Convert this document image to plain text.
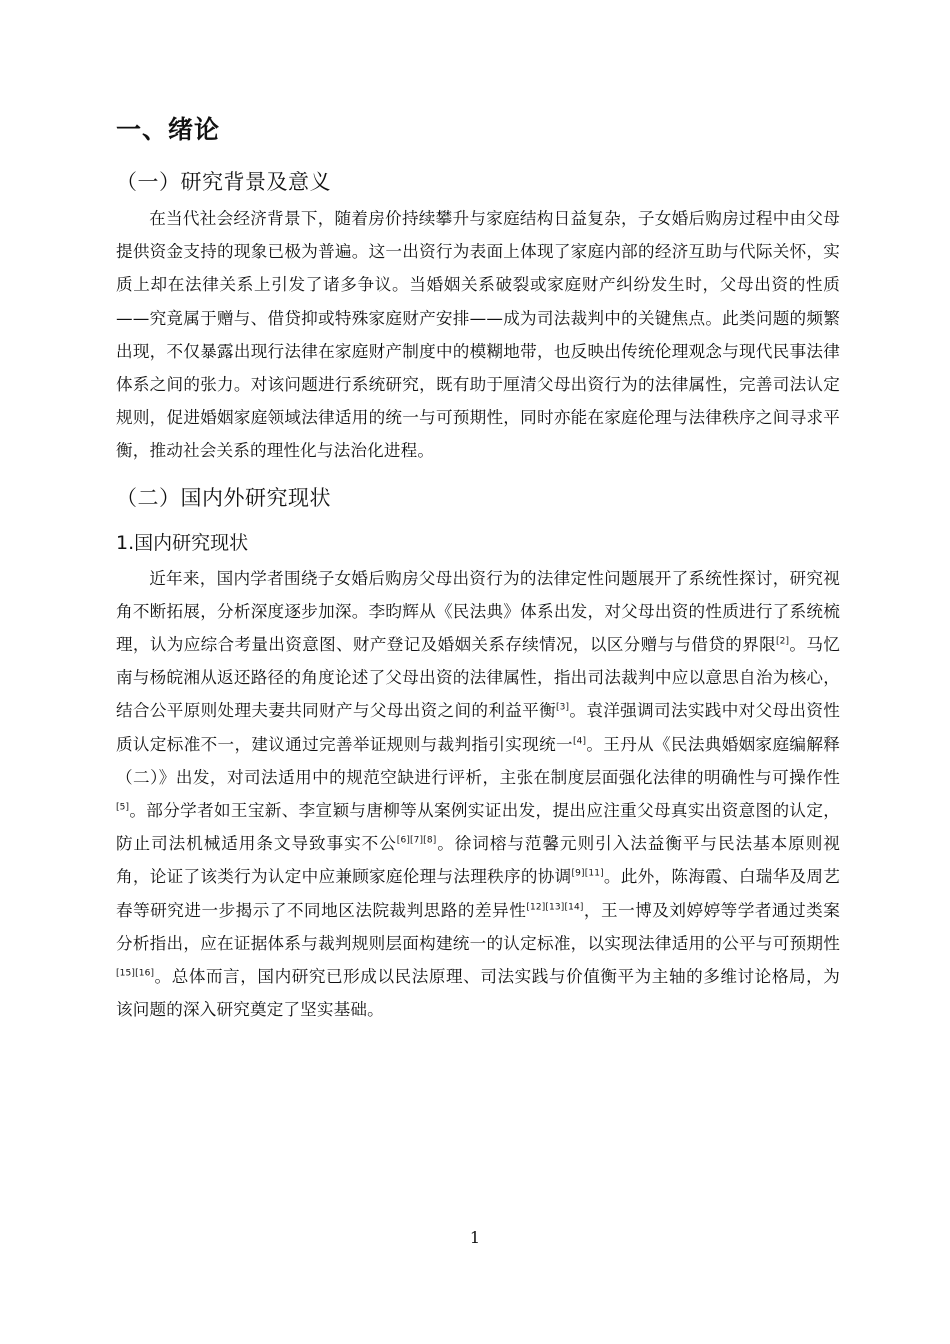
一、绪论
（一）研究背景及意义

在当代社会经济背景下，随着房价持续攀升与家庭结构日益复杂，子女婚后购房过程中由父母提供资金支持的现象已极为普遍。这一出资行为表面上体现了家庭内部的经济互助与代际关怀，实质上却在法律关系上引发了诸多争议。当婚姻关系破裂或家庭财产纠纷发生时，父母出资的性质——究竟属于赠与、借贷抑或特殊家庭财产安排——成为司法裁判中的关键焦点。此类问题的频繁出现，不仅暴露出现行法律在家庭财产制度中的模糊地带，也反映出传统伦理观念与现代民事法律体系之间的张力。对该问题进行系统研究，既有助于厘清父母出资行为的法律属性，完善司法认定规则，促进婚姻家庭领域法律适用的统一与可预期性，同时亦能在家庭伦理与法律秩序之间寻求平衡，推动社会关系的理性化与法治化进程。

（二）国内外研究现状
1.国内研究现状

近年来，国内学者围绕子女婚后购房父母出资行为的法律定性问题展开了系统性探讨，研究视角不断拓展，分析深度逐步加深。李昀辉从《民法典》体系出发，对父母出资的性质进行了系统梳理，认为应综合考量出资意图、财产登记及婚姻关系存续情况，以区分赠与与借贷的界限[2]。马忆南与杨皖湘从返还路径的角度论述了父母出资的法律属性，指出司法裁判中应以意思自治为核心，结合公平原则处理夫妻共同财产与父母出资之间的利益平衡[3]。袁洋强调司法实践中对父母出资性质认定标准不一，建议通过完善举证规则与裁判指引实现统一[4]。王丹从《民法典婚姻家庭编解释（二）》出发，对司法适用中的规范空缺进行评析，主张在制度层面强化法律的明确性与可操作性[5]。部分学者如王宝新、李宣颖与唐柳等从案例实证出发，提出应注重父母真实出资意图的认定，防止司法机械适用条文导致事实不公[6][7][8]。徐词榕与范馨元则引入法益衡平与民法基本原则视角，论证了该类行为认定中应兼顾家庭伦理与法理秩序的协调[9][11]。此外，陈海霞、白瑞华及周艺春等研究进一步揭示了不同地区法院裁判思路的差异性[12][13][14]，王一博及刘婷婷等学者通过类案分析指出，应在证据体系与裁判规则层面构建统一的认定标准，以实现法律适用的公平与可预期性[15][16]。总体而言，国内研究已形成以民法原理、司法实践与价值衡平为主轴的多维讨论格局，为该问题的深入研究奠定了坚实基础。

1
